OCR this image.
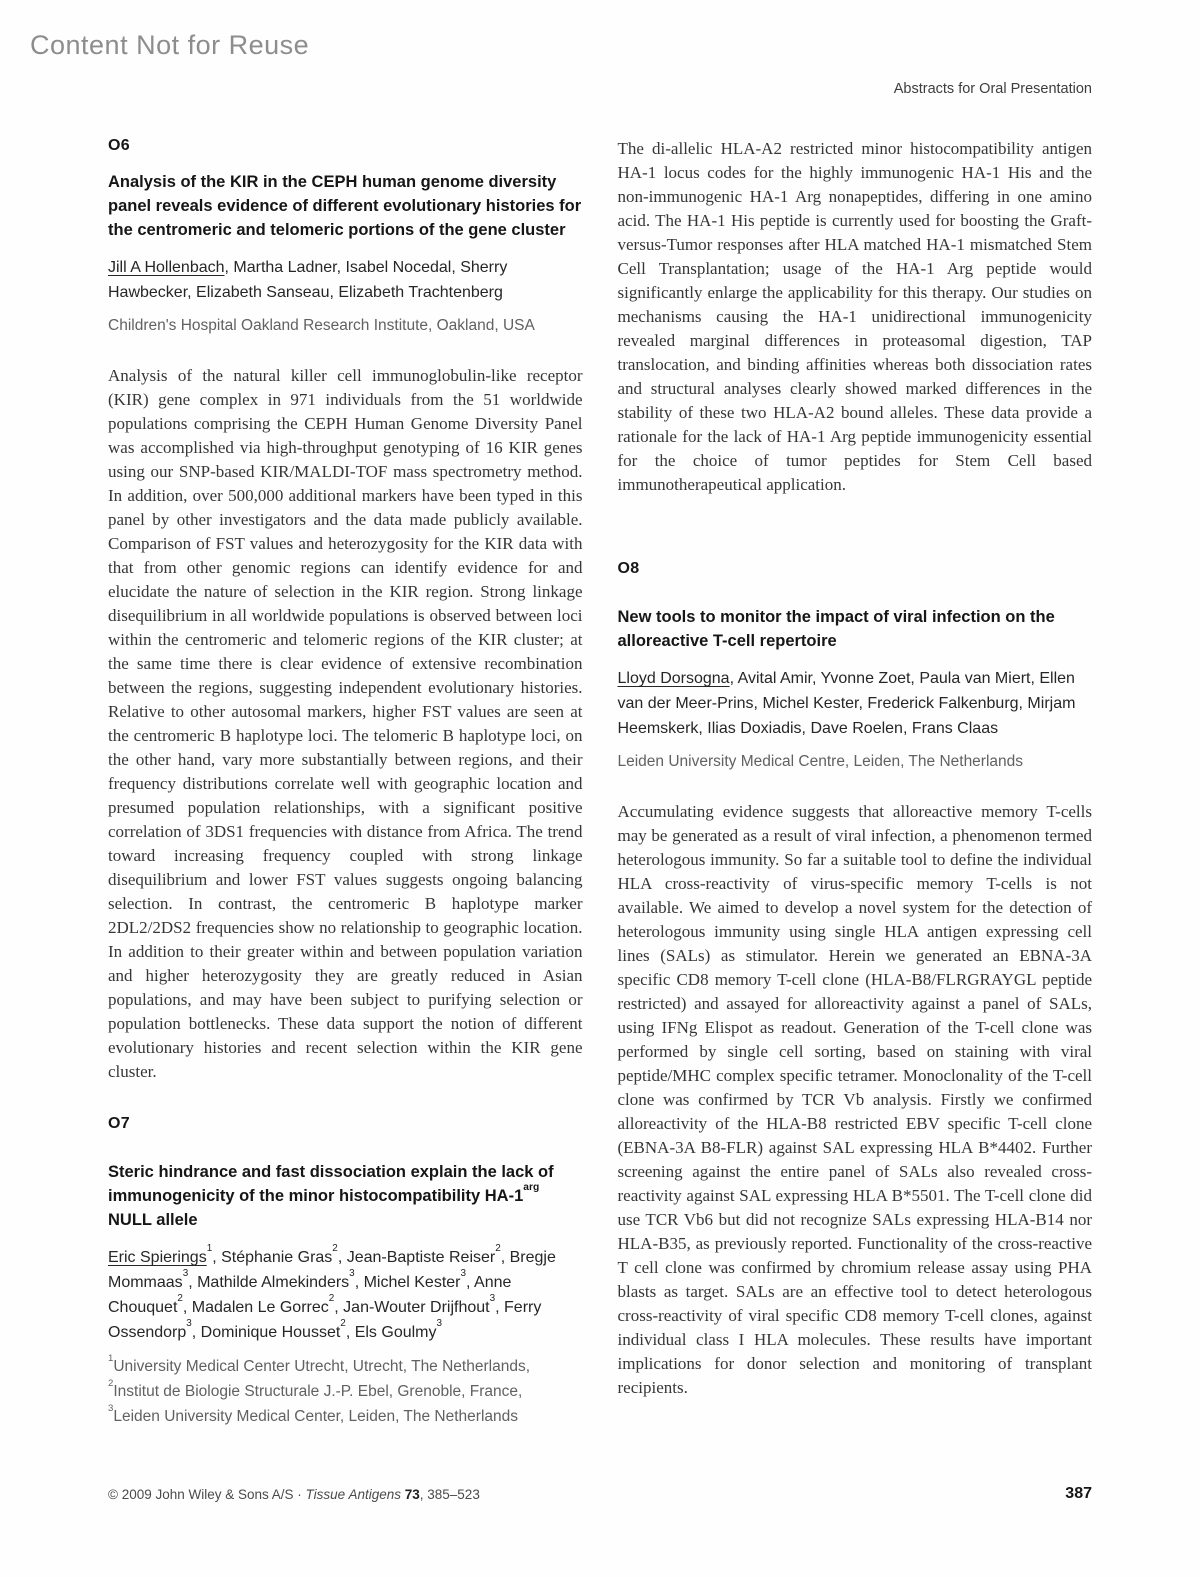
Content Not for Reuse
Abstracts for Oral Presentation
O6
Analysis of the KIR in the CEPH human genome diversity panel reveals evidence of different evolutionary histories for the centromeric and telomeric portions of the gene cluster

Jill A Hollenbach, Martha Ladner, Isabel Nocedal, Sherry Hawbecker, Elizabeth Sanseau, Elizabeth Trachtenberg

Children's Hospital Oakland Research Institute, Oakland, USA

Analysis of the natural killer cell immunoglobulin-like receptor (KIR) gene complex in 971 individuals from the 51 worldwide populations comprising the CEPH Human Genome Diversity Panel was accomplished via high-throughput genotyping of 16 KIR genes using our SNP-based KIR/MALDI-TOF mass spectrometry method. In addition, over 500,000 additional markers have been typed in this panel by other investigators and the data made publicly available. Comparison of FST values and heterozygosity for the KIR data with that from other genomic regions can identify evidence for and elucidate the nature of selection in the KIR region. Strong linkage disequilibrium in all worldwide populations is observed between loci within the centromeric and telomeric regions of the KIR cluster; at the same time there is clear evidence of extensive recombination between the regions, suggesting independent evolutionary histories. Relative to other autosomal markers, higher FST values are seen at the centromeric B haplotype loci. The telomeric B haplotype loci, on the other hand, vary more substantially between regions, and their frequency distributions correlate well with geographic location and presumed population relationships, with a significant positive correlation of 3DS1 frequencies with distance from Africa. The trend toward increasing frequency coupled with strong linkage disequilibrium and lower FST values suggests ongoing balancing selection. In contrast, the centromeric B haplotype marker 2DL2/2DS2 frequencies show no relationship to geographic location. In addition to their greater within and between population variation and higher heterozygosity they are greatly reduced in Asian populations, and may have been subject to purifying selection or population bottlenecks. These data support the notion of different evolutionary histories and recent selection within the KIR gene cluster.

O7
Steric hindrance and fast dissociation explain the lack of immunogenicity of the minor histocompatibility $HA-1^{arg}$ NULL allele

Eric Spierings$^1$, Stéphanie Gras$^2$, Jean-Baptiste Reiser$^2$, Bregje Mommaas$^3$, Mathilde Almekinders$^3$, Michel Kester$^3$, Anne Chouquet$^2$, Madalen Le Gorrec$^2$, Jan-Wouter Drijfhout$^3$, Ferry Ossendorp$^3$, Dominique Housset$^2$, Els Goulmy$^3$

$^1$University Medical Center Utrecht, Utrecht, The Netherlands,
$^2$Institut de Biologie Structurale J.-P. Ebel, Grenoble, France,
$^3$Leiden University Medical Center, Leiden, The Netherlands

The di-allelic HLA-A2 restricted minor histocompatibility antigen HA-1 locus codes for the highly immunogenic HA-1 His and the non-immunogenic HA-1 Arg nonapeptides, differing in one amino acid. The HA-1 His peptide is currently used for boosting the Graft-versus-Tumor responses after HLA matched HA-1 mismatched Stem Cell Transplantation; usage of the HA-1 Arg peptide would significantly enlarge the applicability for this therapy. Our studies on mechanisms causing the HA-1 unidirectional immunogenicity revealed marginal differences in proteasomal digestion, TAP translocation, and binding affinities whereas both dissociation rates and structural analyses clearly showed marked differences in the stability of these two HLA-A2 bound alleles. These data provide a rationale for the lack of HA-1 Arg peptide immunogenicity essential for the choice of tumor peptides for Stem Cell based immunotherapeutical application.

O8
New tools to monitor the impact of viral infection on the alloreactive T-cell repertoire

Lloyd Dorsogna, Avital Amir, Yvonne Zoet, Paula van Miert, Ellen van der Meer-Prins, Michel Kester, Frederick Falkenburg, Mirjam Heemskerk, Ilias Doxiadis, Dave Roelen, Frans Claas

Leiden University Medical Centre, Leiden, The Netherlands

Accumulating evidence suggests that alloreactive memory T-cells may be generated as a result of viral infection, a phenomenon termed heterologous immunity. So far a suitable tool to define the individual HLA cross-reactivity of virus-specific memory T-cells is not available. We aimed to develop a novel system for the detection of heterologous immunity using single HLA antigen expressing cell lines (SALs) as stimulator. Herein we generated an EBNA-3A specific CD8 memory T-cell clone (HLA-B8/FLRGRAYGL peptide restricted) and assayed for alloreactivity against a panel of SALs, using IFNg Elispot as readout. Generation of the T-cell clone was performed by single cell sorting, based on staining with viral peptide/MHC complex specific tetramer. Monoclonality of the T-cell clone was confirmed by TCR Vb analysis. Firstly we confirmed alloreactivity of the HLA-B8 restricted EBV specific T-cell clone (EBNA-3A B8-FLR) against SAL expressing HLA B*4402. Further screening against the entire panel of SALs also revealed cross-reactivity against SAL expressing HLA B*5501. The T-cell clone did use TCR Vb6 but did not recognize SALs expressing HLA-B14 nor HLA-B35, as previously reported. Functionality of the cross-reactive T cell clone was confirmed by chromium release assay using PHA blasts as target. SALs are an effective tool to detect heterologous cross-reactivity of viral specific CD8 memory T-cell clones, against individual class I HLA molecules. These results have important implications for donor selection and monitoring of transplant recipients.

© 2009 John Wiley & Sons A/S · Tissue Antigens 73, 385–523	387
